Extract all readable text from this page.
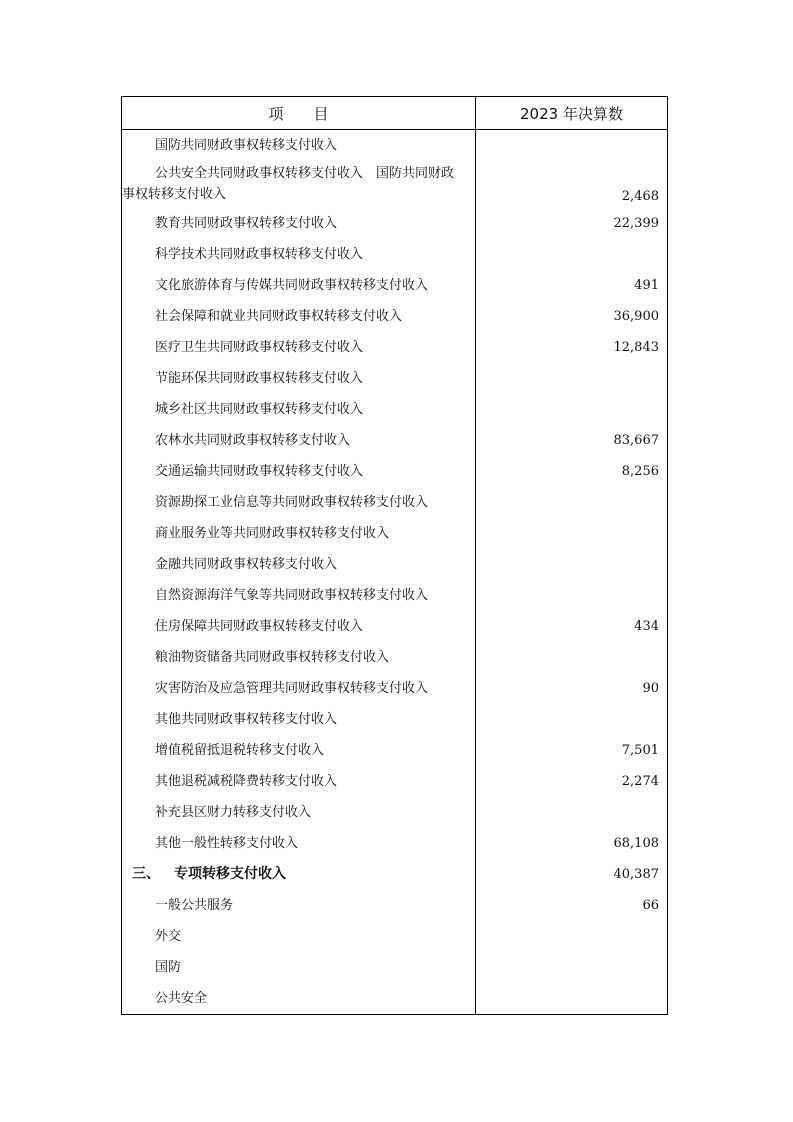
项　　目	2023 年决算数
国防共同财政事权转移支付收入	
公共安全共同财政事权转移支付收入　国防共同财政事权转移支付收入	2,468
教育共同财政事权转移支付收入	22,399
科学技术共同财政事权转移支付收入	
文化旅游体育与传媒共同财政事权转移支付收入	491
社会保障和就业共同财政事权转移支付收入	36,900
医疗卫生共同财政事权转移支付收入	12,843
节能环保共同财政事权转移支付收入	
城乡社区共同财政事权转移支付收入	
农林水共同财政事权转移支付收入	83,667
交通运输共同财政事权转移支付收入	8,256
资源勘探工业信息等共同财政事权转移支付收入	
商业服务业等共同财政事权转移支付收入	
金融共同财政事权转移支付收入	
自然资源海洋气象等共同财政事权转移支付收入	
住房保障共同财政事权转移支付收入	434
粮油物资储备共同财政事权转移支付收入	
灾害防治及应急管理共同财政事权转移支付收入	90
其他共同财政事权转移支付收入	
增值税留抵退税转移支付收入	7,501
其他退税减税降费转移支付收入	2,274
补充县区财力转移支付收入	
其他一般性转移支付收入	68,108
三、 专项转移支付收入	40,387
一般公共服务	66
外交	
国防	
公共安全	
